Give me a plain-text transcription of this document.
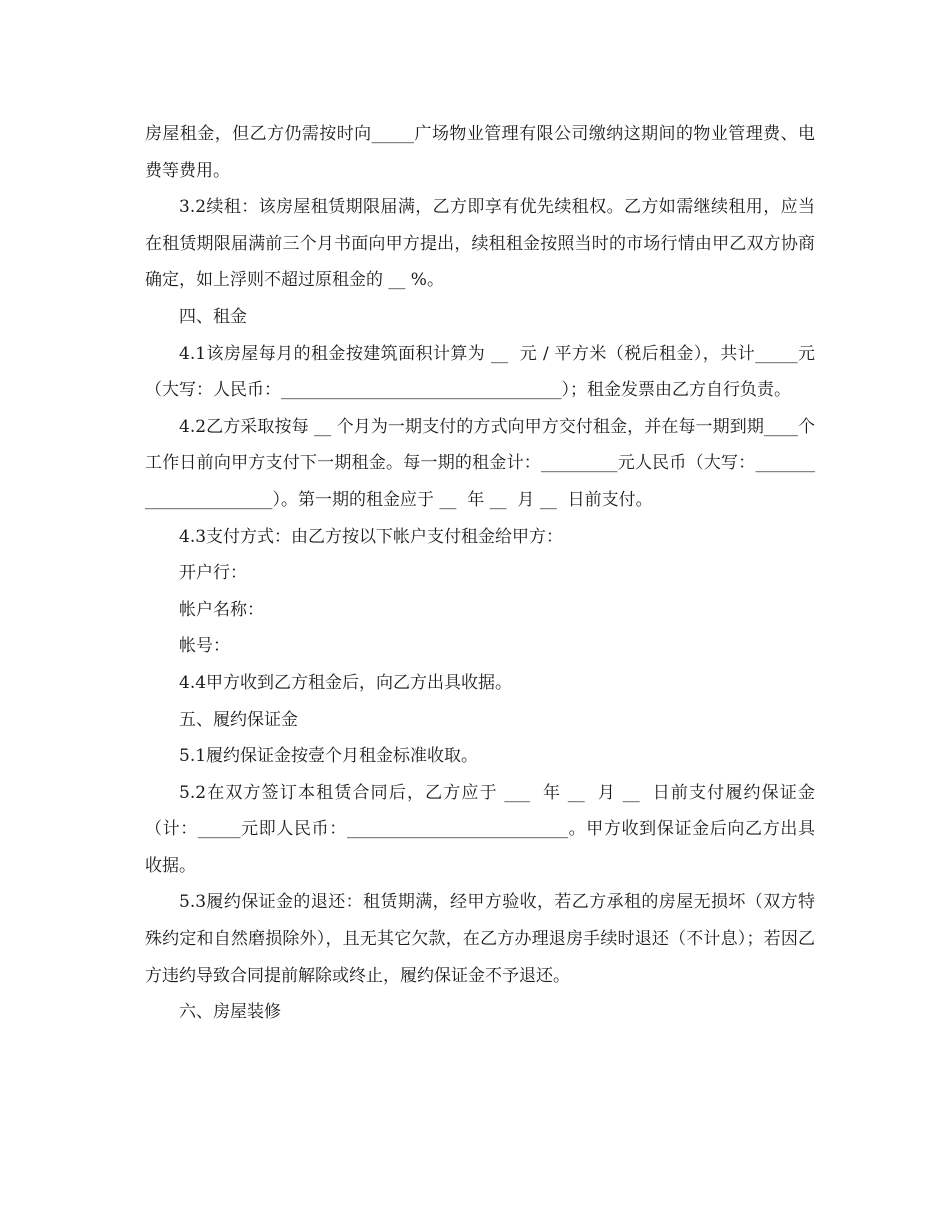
房屋租金，但乙方仍需按时向_____广场物业管理有限公司缴纳这期间的物业管理费、电费等费用。

3.2续租：该房屋租赁期限届满，乙方即享有优先续租权。乙方如需继续租用，应当在租赁期限届满前三个月书面向甲方提出，续租租金按照当时的市场行情由甲乙双方协商确定，如上浮则不超过原租金的 __ %。

四、租金

4.1该房屋每月的租金按建筑面积计算为 __  元 / 平方米（税后租金），共计_____元（大写：人民币：_________________________________）；租金发票由乙方自行负责。

4.2乙方采取按每 __ 个月为一期支付的方式向甲方交付租金，并在每一期到期____个工作日前向甲方支付下一期租金。每一期的租金计：_________元人民币（大写：______________________）。第一期的租金应于 __  年 __  月 __  日前支付。

4.3支付方式：由乙方按以下帐户支付租金给甲方：

开户行：

帐户名称：

帐号：

4.4甲方收到乙方租金后，向乙方出具收据。

五、履约保证金

5.1履约保证金按壹个月租金标准收取。

5.2在双方签订本租赁合同后，乙方应于 ___  年 __  月 __  日前支付履约保证金（计：_____元即人民币：__________________________。甲方收到保证金后向乙方出具收据。

5.3履约保证金的退还：租赁期满，经甲方验收，若乙方承租的房屋无损坏（双方特殊约定和自然磨损除外），且无其它欠款，在乙方办理退房手续时退还（不计息）；若因乙方违约导致合同提前解除或终止，履约保证金不予退还。

六、房屋装修
